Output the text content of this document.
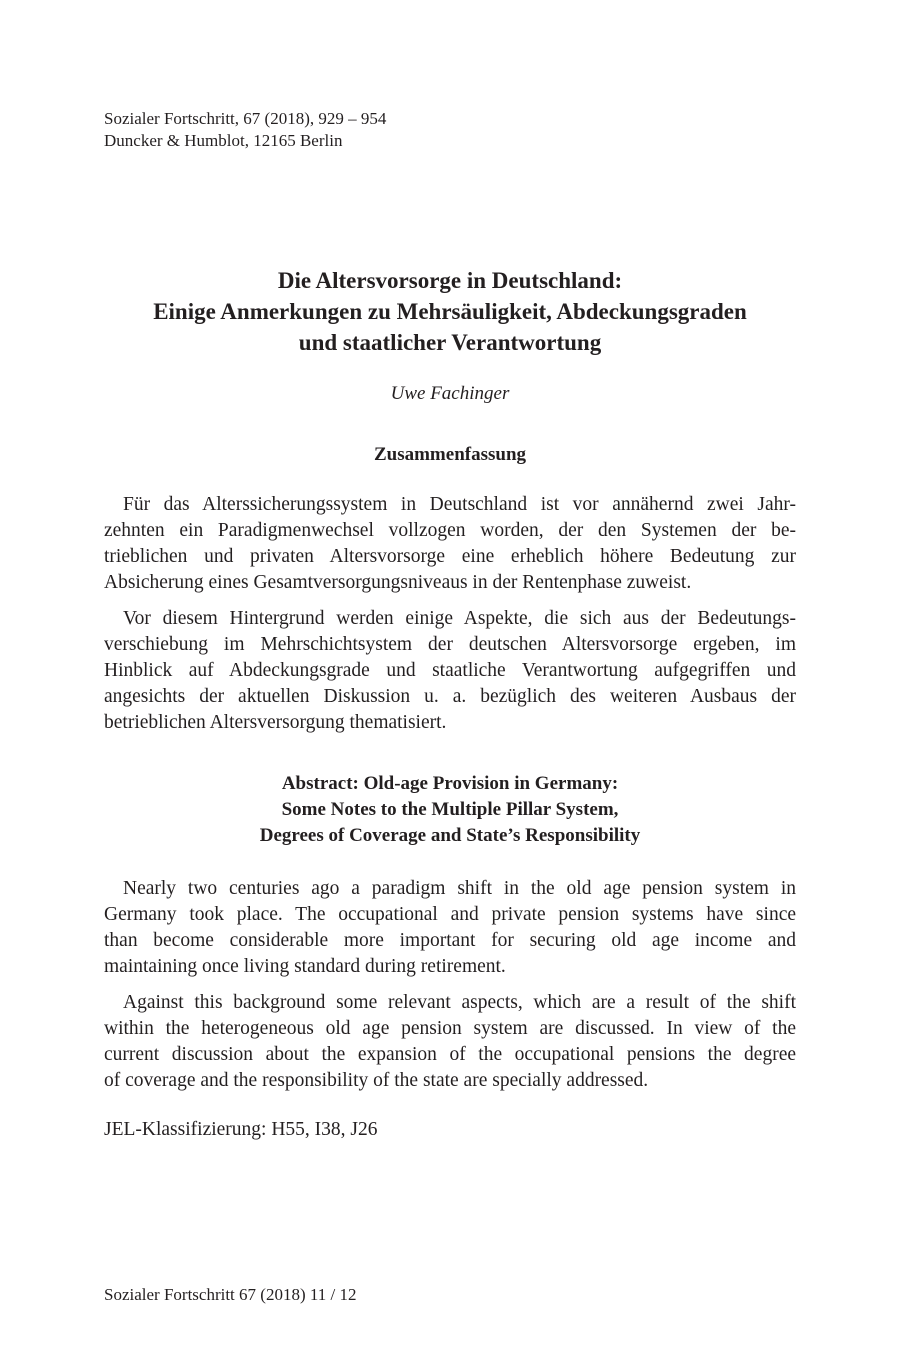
Sozialer Fortschritt, 67 (2018), 929 – 954
Duncker & Humblot, 12165 Berlin
Die Altersvorsorge in Deutschland:
Einige Anmerkungen zu Mehrsäuligkeit, Abdeckungsgraden
und staatlicher Verantwortung
Uwe Fachinger
Zusammenfassung
Für das Alterssicherungssystem in Deutschland ist vor annähernd zwei Jahr-
zehnten ein Paradigmenwechsel vollzogen worden, der den Systemen der be-
trieblichen und privaten Altersvorsorge eine erheblich höhere Bedeutung zur
Absicherung eines Gesamtversorgungsniveaus in der Rentenphase zuweist.
Vor diesem Hintergrund werden einige Aspekte, die sich aus der Bedeutungs-
verschiebung im Mehrschichtsystem der deutschen Altersvorsorge ergeben, im
Hinblick auf Abdeckungsgrade und staatliche Verantwortung aufgegriffen und
angesichts der aktuellen Diskussion u. a. bezüglich des weiteren Ausbaus der
betrieblichen Altersversorgung thematisiert.
Abstract: Old-age Provision in Germany:
Some Notes to the Multiple Pillar System,
Degrees of Coverage and State’s Responsibility
Nearly two centuries ago a paradigm shift in the old age pension system in
Germany took place. The occupational and private pension systems have since
than become considerable more important for securing old age income and
maintaining once living standard during retirement.
Against this background some relevant aspects, which are a result of the shift
within the heterogeneous old age pension system are discussed. In view of the
current discussion about the expansion of the occupational pensions the degree
of coverage and the responsibility of the state are specially addressed.
JEL-Klassifizierung: H55, I38, J26
Sozialer Fortschritt 67 (2018) 11 / 12
